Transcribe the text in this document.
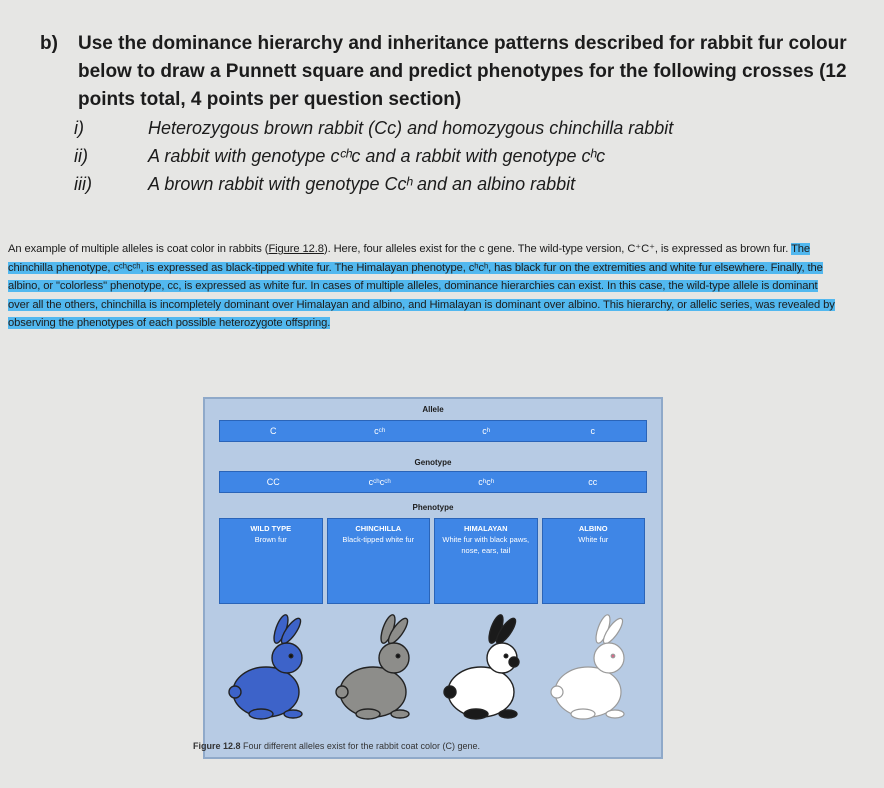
b)	Use the dominance hierarchy and inheritance patterns described for rabbit fur colour below to draw a Punnett square and predict phenotypes for the following crosses (12 points total, 4 points per question section)
i)	Heterozygous brown rabbit (Cc) and homozygous chinchilla rabbit
ii)	A rabbit with genotype cᶜʰc and a rabbit with genotype cʰc
iii)	A brown rabbit with genotype Ccʰ and an albino rabbit
An example of multiple alleles is coat color in rabbits (Figure 12.8). Here, four alleles exist for the c gene. The wild-type version, C⁺C⁺, is expressed as brown fur. The chinchilla phenotype, cᶜʰcᶜʰ, is expressed as black-tipped white fur. The Himalayan phenotype, cʰcʰ, has black fur on the extremities and white fur elsewhere. Finally, the albino, or "colorless" phenotype, cc, is expressed as white fur. In cases of multiple alleles, dominance hierarchies can exist. In this case, the wild-type allele is dominant over all the others, chinchilla is incompletely dominant over Himalayan and albino, and Himalayan is dominant over albino. This hierarchy, or allelic series, was revealed by observing the phenotypes of each possible heterozygote offspring.
Allele
C	cᶜʰ	cʰ	c
Genotype
CC	cᶜʰcᶜʰ	cʰcʰ	cc
Phenotype
WILD TYPE
Brown fur
CHINCHILLA
Black-tipped white fur
HIMALAYAN
White fur with black paws, nose, ears, tail
ALBINO
White fur
Figure 12.8 Four different alleles exist for the rabbit coat color (C) gene.
